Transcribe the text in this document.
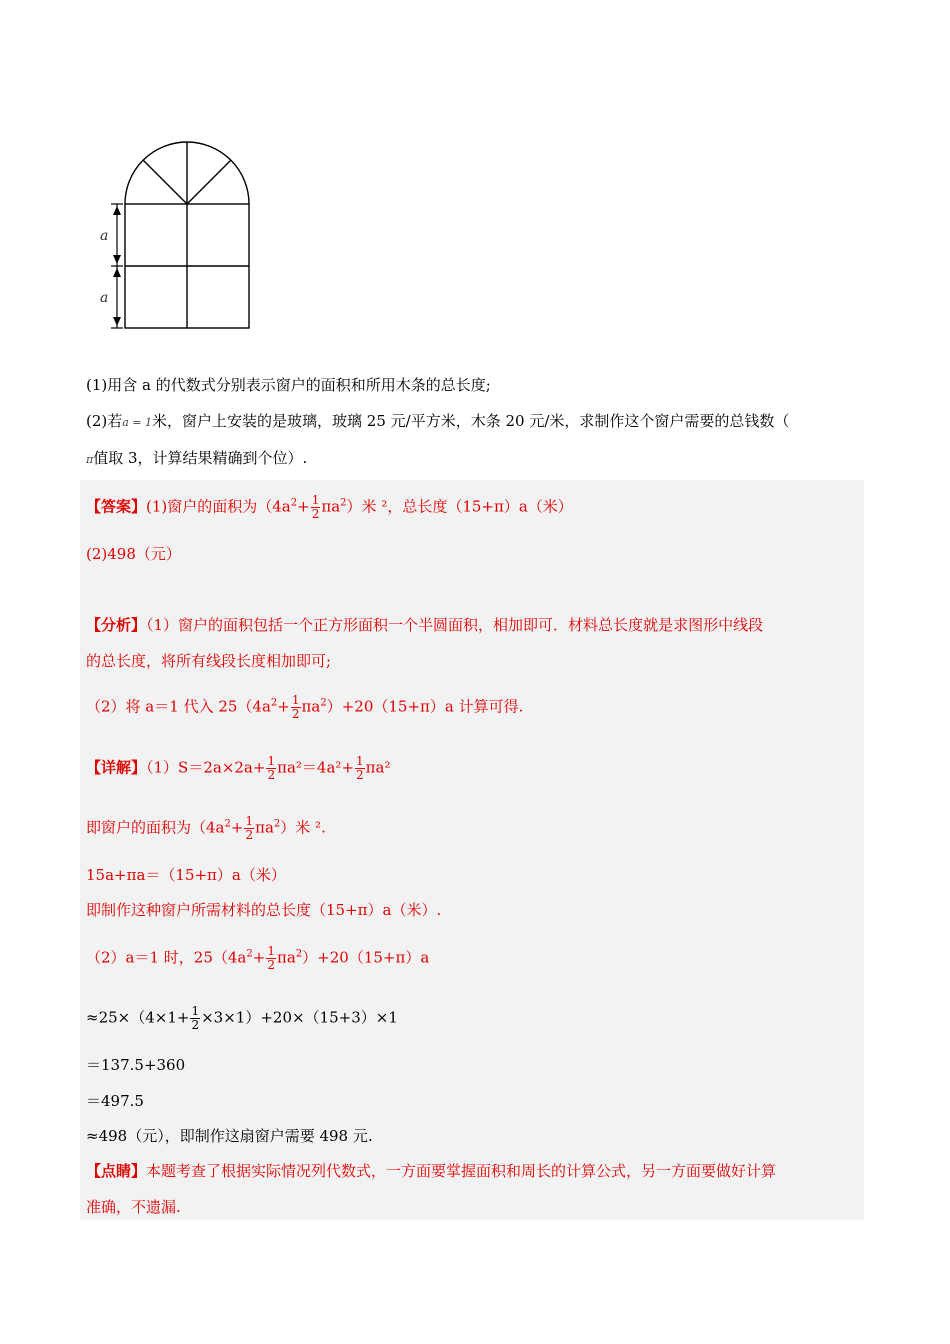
a
a
(1)用含 a 的代数式分别表示窗户的面积和所用木条的总长度;
(2)若a = 1米，窗户上安装的是玻璃，玻璃 25 元/平方米，木条 20 元/米，求制作这个窗户需要的总钱数（
π值取 3，计算结果精确到个位）.
【答案】(1)窗户的面积为$(4a^2+ \frac{1}{2} \pi a^2)$米 ²，总长度（15+π）a（米）
(2)498（元）
【分析】（1）窗户的面积包括一个正方形面积一个半圆面积，相加即可．材料总长度就是求图形中线段
的总长度，将所有线段长度相加即可;
（2）将 a＝1 代入 $25(4a^2+ \frac{1}{2} \pi a^2)+20(15+\pi)a$ 计算可得.
【详解】$(1)S=2a\times 2a+ \frac{1}{2} \pi a^2=4a^2+ \frac{1}{2} \pi a^2$
即窗户的面积为$(4a^2+ \frac{1}{2} \pi a^2)$米 ².
15a+πa＝（15+π）a（米）
即制作这种窗户所需材料的总长度（15+π）a（米）.
（2）a＝1 时，$25(4a^2+ \frac{1}{2} \pi a^2)+20(15+\pi)a$
$\approx 25\times(4\times 1+ \frac{1}{2} \times 3\times 1)+20\times(15+3)\times 1$
＝137.5+360
＝497.5
≈498（元），即制作这扇窗户需要 498 元.
【点睛】本题考查了根据实际情况列代数式，一方面要掌握面积和周长的计算公式，另一方面要做好计算
准确，不遗漏.
